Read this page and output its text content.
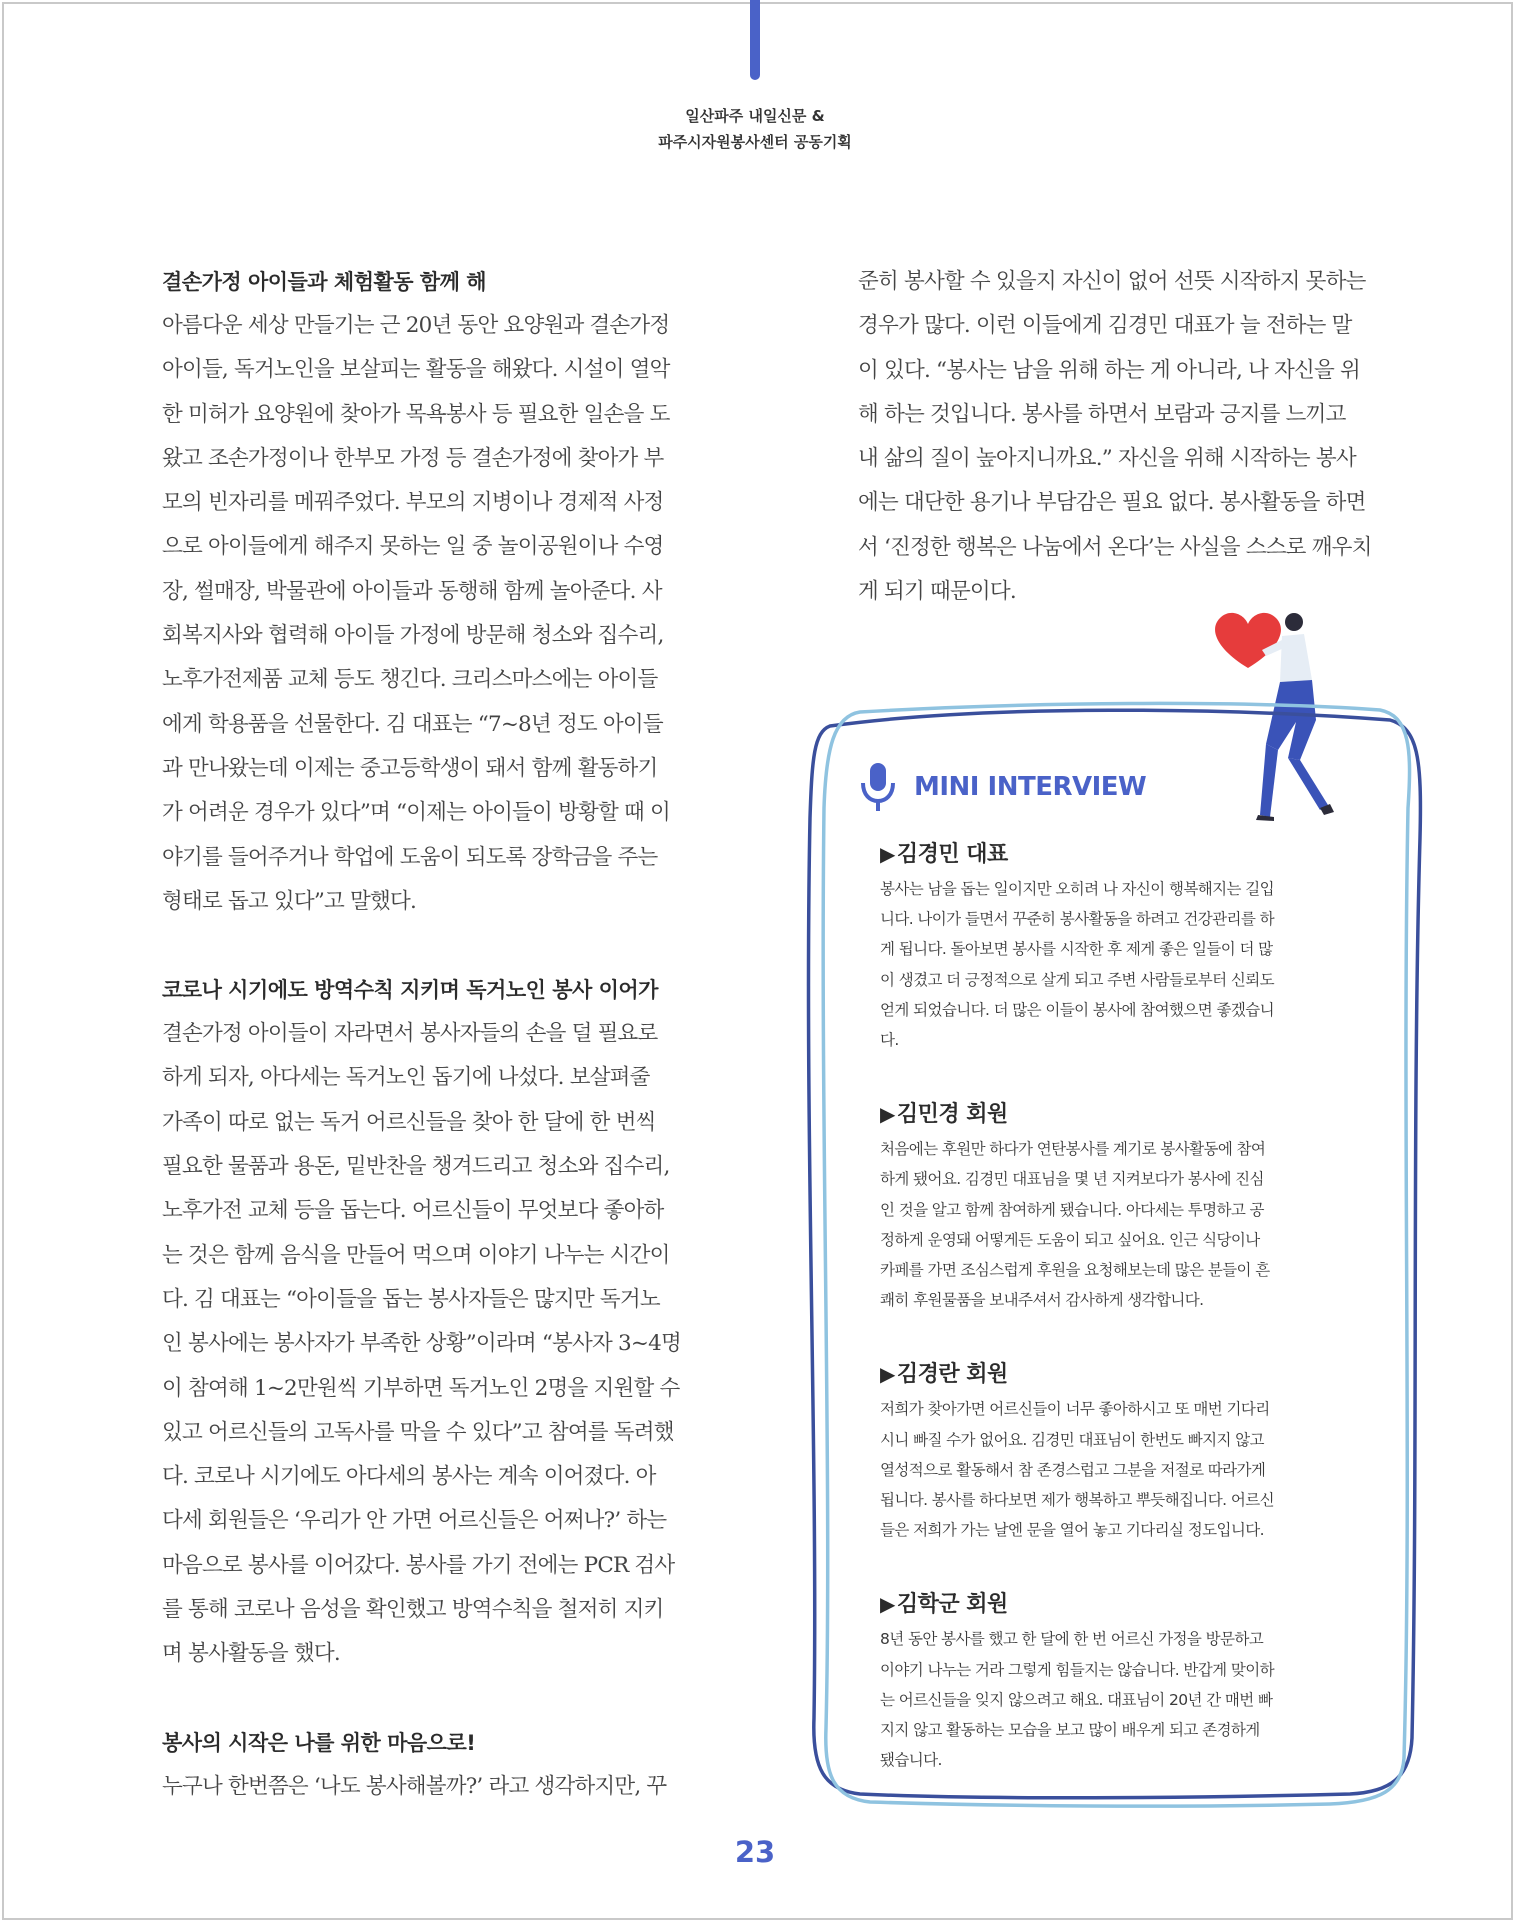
일산파주 내일신문 &
파주시자원봉사센터 공동기획
결손가정 아이들과 체험활동 함께 해
아름다운 세상 만들기는 근 20년 동안 요양원과 결손가정
아이들, 독거노인을 보살피는 활동을 해왔다. 시설이 열악
한 미허가 요양원에 찾아가 목욕봉사 등 필요한 일손을 도
왔고 조손가정이나 한부모 가정 등 결손가정에 찾아가 부
모의 빈자리를 메꿔주었다. 부모의 지병이나 경제적 사정
으로 아이들에게 해주지 못하는 일 중 놀이공원이나 수영
장, 썰매장, 박물관에 아이들과 동행해 함께 놀아준다. 사
회복지사와 협력해 아이들 가정에 방문해 청소와 집수리,
노후가전제품 교체 등도 챙긴다. 크리스마스에는 아이들
에게 학용품을 선물한다. 김 대표는 “7~8년 정도 아이들
과 만나왔는데 이제는 중고등학생이 돼서 함께 활동하기
가 어려운 경우가 있다”며 “이제는 아이들이 방황할 때 이
야기를 들어주거나 학업에 도움이 되도록 장학금을 주는
형태로 돕고 있다”고 말했다.
코로나 시기에도 방역수칙 지키며 독거노인 봉사 이어가
결손가정 아이들이 자라면서 봉사자들의 손을 덜 필요로
하게 되자, 아다세는 독거노인 돕기에 나섰다. 보살펴줄
가족이 따로 없는 독거 어르신들을 찾아 한 달에 한 번씩
필요한 물품과 용돈, 밑반찬을 챙겨드리고 청소와 집수리,
노후가전 교체 등을 돕는다. 어르신들이 무엇보다 좋아하
는 것은 함께 음식을 만들어 먹으며 이야기 나누는 시간이
다. 김 대표는 “아이들을 돕는 봉사자들은 많지만 독거노
인 봉사에는 봉사자가 부족한 상황”이라며 “봉사자 3~4명
이 참여해 1~2만원씩 기부하면 독거노인 2명을 지원할 수
있고 어르신들의 고독사를 막을 수 있다”고 참여를 독려했
다. 코로나 시기에도 아다세의 봉사는 계속 이어졌다. 아
다세 회원들은 ‘우리가 안 가면 어르신들은 어쩌나?’ 하는
마음으로 봉사를 이어갔다. 봉사를 가기 전에는 PCR 검사
를 통해 코로나 음성을 확인했고 방역수칙을 철저히 지키
며 봉사활동을 했다.
봉사의 시작은 나를 위한 마음으로!
누구나 한번쯤은 ‘나도 봉사해볼까?’ 라고 생각하지만, 꾸
준히 봉사할 수 있을지 자신이 없어 선뜻 시작하지 못하는
경우가 많다. 이런 이들에게 김경민 대표가 늘 전하는 말
이 있다. “봉사는 남을 위해 하는 게 아니라, 나 자신을 위
해 하는 것입니다. 봉사를 하면서 보람과 긍지를 느끼고
내 삶의 질이 높아지니까요.” 자신을 위해 시작하는 봉사
에는 대단한 용기나 부담감은 필요 없다. 봉사활동을 하면
서 ‘진정한 행복은 나눔에서 온다’는 사실을 스스로 깨우치
게 되기 때문이다.
MINI INTERVIEW
▶김경민 대표
봉사는 남을 돕는 일이지만 오히려 나 자신이 행복해지는 길입
니다. 나이가 들면서 꾸준히 봉사활동을 하려고 건강관리를 하
게 됩니다. 돌아보면 봉사를 시작한 후 제게 좋은 일들이 더 많
이 생겼고 더 긍정적으로 살게 되고 주변 사람들로부터 신뢰도
얻게 되었습니다. 더 많은 이들이 봉사에 참여했으면 좋겠습니
다.
▶김민경 회원
처음에는 후원만 하다가 연탄봉사를 계기로 봉사활동에 참여
하게 됐어요. 김경민 대표님을 몇 년 지켜보다가 봉사에 진심
인 것을 알고 함께 참여하게 됐습니다. 아다세는 투명하고 공
정하게 운영돼 어떻게든 도움이 되고 싶어요. 인근 식당이나
카페를 가면 조심스럽게 후원을 요청해보는데 많은 분들이 흔
쾌히 후원물품을 보내주셔서 감사하게 생각합니다.
▶김경란 회원
저희가 찾아가면 어르신들이 너무 좋아하시고 또 매번 기다리
시니 빠질 수가 없어요. 김경민 대표님이 한번도 빠지지 않고
열성적으로 활동해서 참 존경스럽고 그분을 저절로 따라가게
됩니다. 봉사를 하다보면 제가 행복하고 뿌듯해집니다. 어르신
들은 저희가 가는 날엔 문을 열어 놓고 기다리실 정도입니다.
▶김학군 회원
8년 동안 봉사를 했고 한 달에 한 번 어르신 가정을 방문하고
이야기 나누는 거라 그렇게 힘들지는 않습니다. 반갑게 맞이하
는 어르신들을 잊지 않으려고 해요. 대표님이 20년 간 매번 빠
지지 않고 활동하는 모습을 보고 많이 배우게 되고 존경하게
됐습니다.
23
